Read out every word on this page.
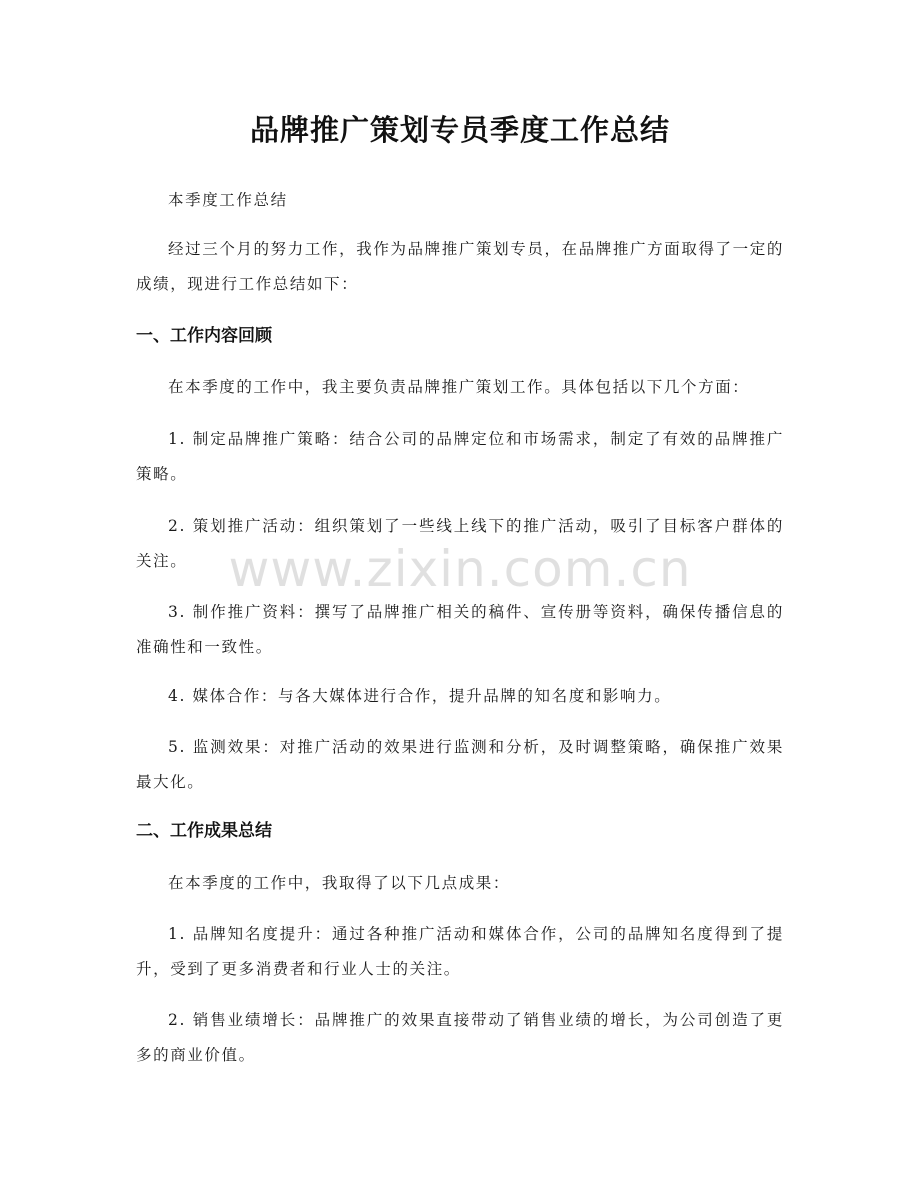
品牌推广策划专员季度工作总结
本季度工作总结
经过三个月的努力工作，我作为品牌推广策划专员，在品牌推广方面取得了一定的成绩，现进行工作总结如下：
一、工作内容回顾
在本季度的工作中，我主要负责品牌推广策划工作。具体包括以下几个方面：
1. 制定品牌推广策略：结合公司的品牌定位和市场需求，制定了有效的品牌推广策略。
2. 策划推广活动：组织策划了一些线上线下的推广活动，吸引了目标客户群体的关注。
3. 制作推广资料：撰写了品牌推广相关的稿件、宣传册等资料，确保传播信息的准确性和一致性。
4. 媒体合作：与各大媒体进行合作，提升品牌的知名度和影响力。
5. 监测效果：对推广活动的效果进行监测和分析，及时调整策略，确保推广效果最大化。
二、工作成果总结
在本季度的工作中，我取得了以下几点成果：
1. 品牌知名度提升：通过各种推广活动和媒体合作，公司的品牌知名度得到了提升，受到了更多消费者和行业人士的关注。
2. 销售业绩增长：品牌推广的效果直接带动了销售业绩的增长，为公司创造了更多的商业价值。
www.zixin.com.cn
